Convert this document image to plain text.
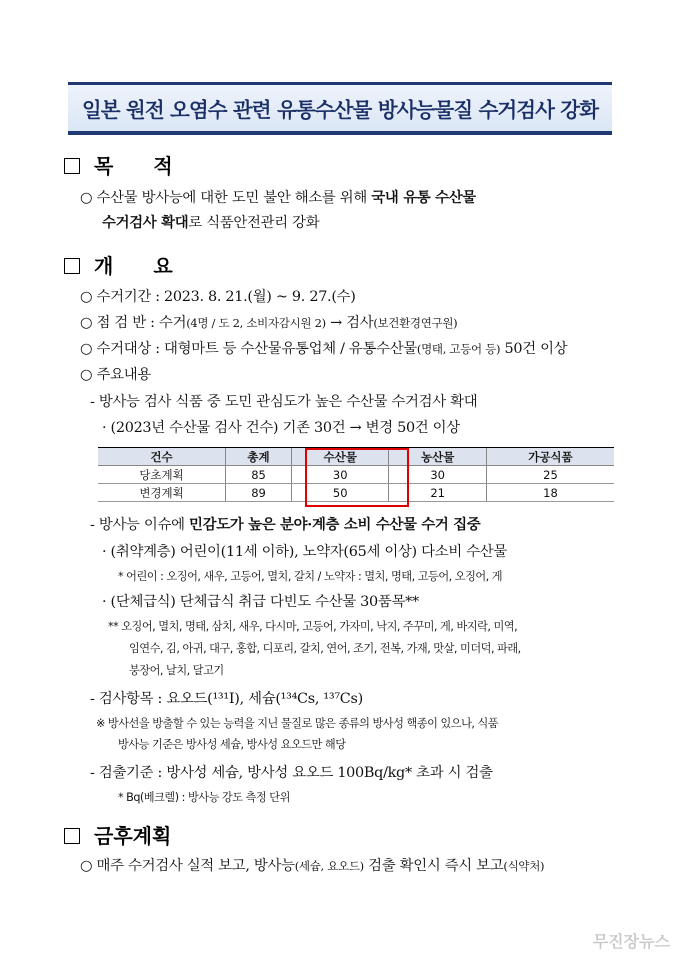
일본 원전 오염수 관련 유통수산물 방사능물질 수거검사 강화
목　　적
○ 수산물 방사능에 대한 도민 불안 해소를 위해 국내 유통 수산물
수거검사 확대로 식품안전관리 강화
개　　요
○ 수거기간 : 2023. 8. 21.(월) ~ 9. 27.(수)
○ 점 검 반 : 수거(4명 / 도 2, 소비자감시원 2) → 검사(보건환경연구원)
○ 수거대상 : 대형마트 등 수산물유통업체 / 유통수산물(명태, 고등어 등) 50건 이상
○ 주요내용
- 방사능 검사 식품 중 도민 관심도가 높은 수산물 수거검사 확대
· (2023년 수산물 검사 건수) 기존 30건 → 변경 50건 이상
건수	총계	수산물	농산물	가공식품
당초계획	85	30	30	25
변경계획	89	50	21	18
- 방사능 이슈에 민감도가 높은 분야·계층 소비 수산물 수거 집중
· (취약계층) 어린이(11세 이하), 노약자(65세 이상) 다소비 수산물
* 어린이 : 오징어, 새우, 고등어, 멸치, 갈치 / 노약자 : 멸치, 명태, 고등어, 오징어, 게
· (단체급식) 단체급식 취급 다빈도 수산물 30품목**
** 오징어, 멸치, 명태, 삼치, 새우, 다시마, 고등어, 가자미, 낙지, 주꾸미, 게, 바지락, 미역,
임연수, 김, 아귀, 대구, 홍합, 디포리, 갈치, 연어, 조기, 전복, 가재, 맛살, 미더덕, 파래,
붕장어, 날치, 달고기
- 검사항목 : 요오드(¹³¹I), 세슘(¹³⁴Cs, ¹³⁷Cs)
※ 방사선을 방출할 수 있는 능력을 지닌 물질로 많은 종류의 방사성 핵종이 있으나, 식품
방사능 기준은 방사성 세슘, 방사성 요오드만 해당
- 검출기준 : 방사성 세슘, 방사성 요오드 100Bq/kg* 초과 시 검출
* Bq(베크렐) : 방사능 강도 측정 단위
금후계획
○ 매주 수거검사 실적 보고, 방사능(세슘, 요오드) 검출 확인시 즉시 보고(식약처)
무진장뉴스
